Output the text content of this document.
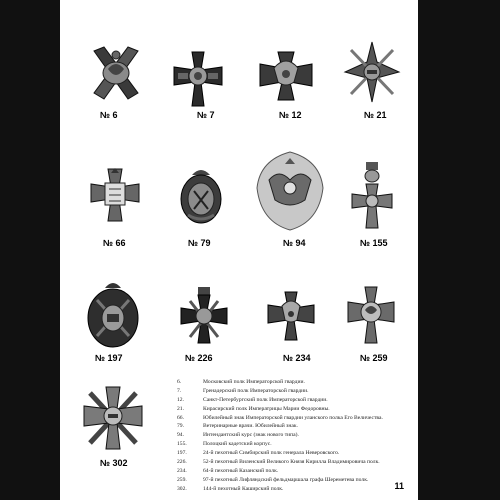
№ 6	№ 7	№ 12	№ 21
№ 66	№ 79	№ 94	№ 155
№ 197	№ 226	№ 234	№ 259
№ 302
6.	Московский полк Императорской гвардии.
7.	Гренадерский полк Императорской гвардии.
12.	Санкт-Петербургский полк Императорской гвардии.
21.	Кирасирский полк Императрицы Марии Федоровны.
66.	Юбилейный знак Императорской гвардии уланского полка Его Величества.
79.	Ветеринарные врачи. Юбилейный знак.
94.	Интендантский курс (знак нового типа).
155.	Полоцкий кадетский корпус.
197.	24-й пехотный Симбирский полк генерала Неверовского.
226.	52-й пехотный Виленский Великого Князя Кирилла Владимировича полк.
234.	64-й пехотный Казанский полк.
259.	97-й пехотный Лифляндский фельдмаршала графа Шереметева полк.
302.	144-й пехотный Каширский полк.	11
